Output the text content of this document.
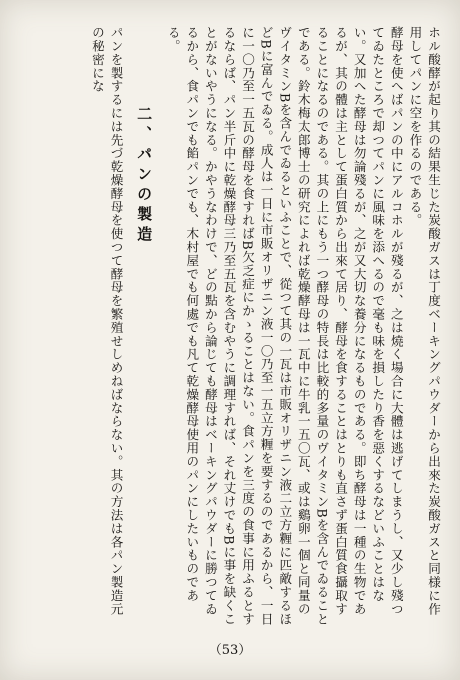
ホル酸酵が起り其の結果生じた炭酸ガスは丁度ベーキングパウダーから出來た炭酸ガスと同様に作用してパンに空を作るのである。

酵母を使へばパンの中にアルコホルが殘るが、之は燒く場合に大體は逃げてしまうし、又少し殘つてゐたところで却つてパンに風味を添へるので毫も味を損したり香を惡くするなどいふことはない。又加へた酵母は勿論殘るが、之が又大切な養分になるものである。即ち酵母は一種の生物であるが、其の體は主として蛋白質から出來て居り、酵母を食することはとりも直さず蛋白質食攝取することになるのである。其の上にもう一つ酵母の特長は比較的多量のヴイタミンBを含んでゐることである。鈴木梅太郎博士の研究によれば乾燥酵母は一瓦中に牛乳一五〇瓦、或は鷄卵一個と同量のヴイタミンBを含んでゐるといふことで、從つて其の一瓦は市販オリザニン液二立方糎に匹敵するほどBに富んでゐる。成人は一日に市販オリザニン液一〇乃至一五立方糎を要するのであるから、一日に一〇乃至一五瓦の酵母を食すればB欠乏症にかゝることはない。食パンを三度の食事に用ふるとするならば、パン半斤中に乾燥酵母三乃至五瓦を含むやうに調理すれば、それ丈けでもBに事を缺くことがないやうになる。かやうなわけで、どの點から論じても酵母はベーキングパウダーに勝つてゐるから、食パンでも餡パンでも、木村屋でも何處でも凡て乾燥酵母使用のパンにしたいものである。

二、パンの製造

パンを製するには先づ乾燥酵母を使つて酵母を繁殖せしめねばならない。其の方法は各パン製造元の秘密にな

（53）
